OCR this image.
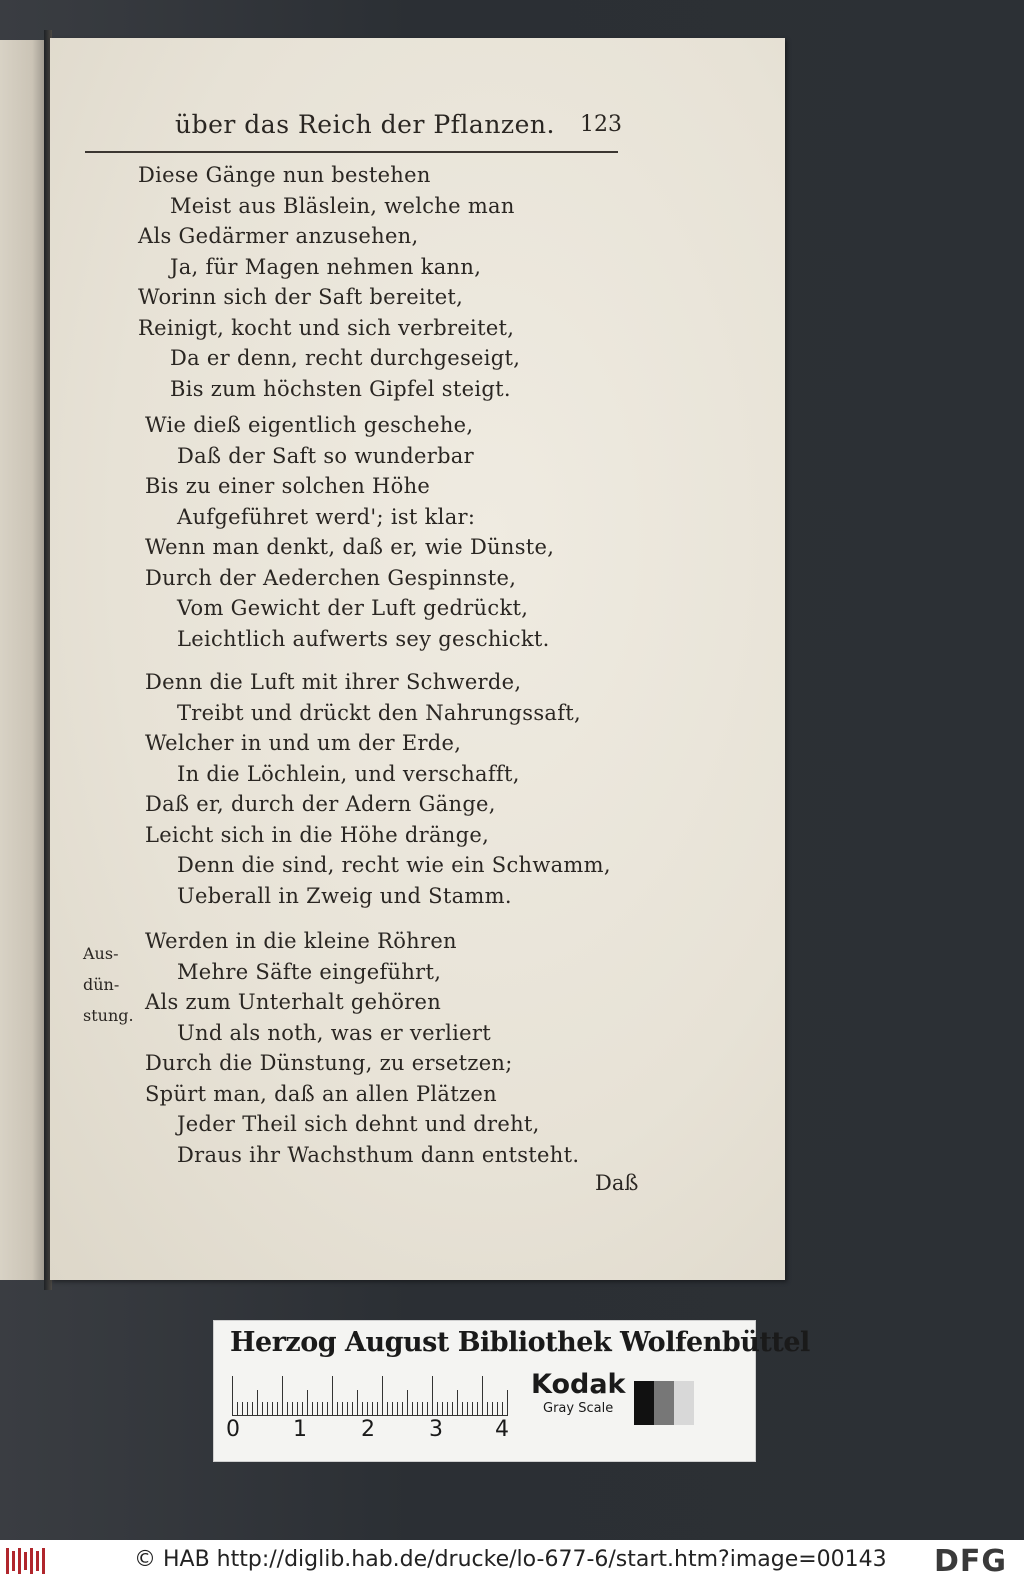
über das Reich der Pflanzen. 123
Diese Gänge nun bestehen
Meist aus Bläslein, welche man
Als Gedärmer anzusehen,
Ja, für Magen nehmen kann,
Worinn sich der Saft bereitet,
Reinigt, kocht und sich verbreitet,
Da er denn, recht durchgeseigt,
Bis zum höchsten Gipfel steigt.
Wie dieß eigentlich geschehe,
Daß der Saft so wunderbar
Bis zu einer solchen Höhe
Aufgeführet werd'; ist klar:
Wenn man denkt, daß er, wie Dünste,
Durch der Aederchen Gespinnste,
Vom Gewicht der Luft gedrückt,
Leichtlich aufwerts sey geschickt.
Denn die Luft mit ihrer Schwerde,
Treibt und drückt den Nahrungssaft,
Welcher in und um der Erde,
In die Löchlein, und verschafft,
Daß er, durch der Adern Gänge,
Leicht sich in die Höhe dränge,
Denn die sind, recht wie ein Schwamm,
Ueberall in Zweig und Stamm.
Werden in die kleine Röhren
Mehre Säfte eingeführt,
Als zum Unterhalt gehören
Und als noth, was er verliert
Durch die Dünstung, zu ersetzen;
Spürt man, daß an allen Plätzen
Jeder Theil sich dehnt und dreht,
Draus ihr Wachsthum dann entsteht.
Aus-
dün-
stung.
Daß
Herzog August Bibliothek Wolfenbüttel
0 1 2 3 4
Kodak
Gray Scale
© HAB http://diglib.hab.de/drucke/lo-677-6/start.htm?image=00143 DFG
